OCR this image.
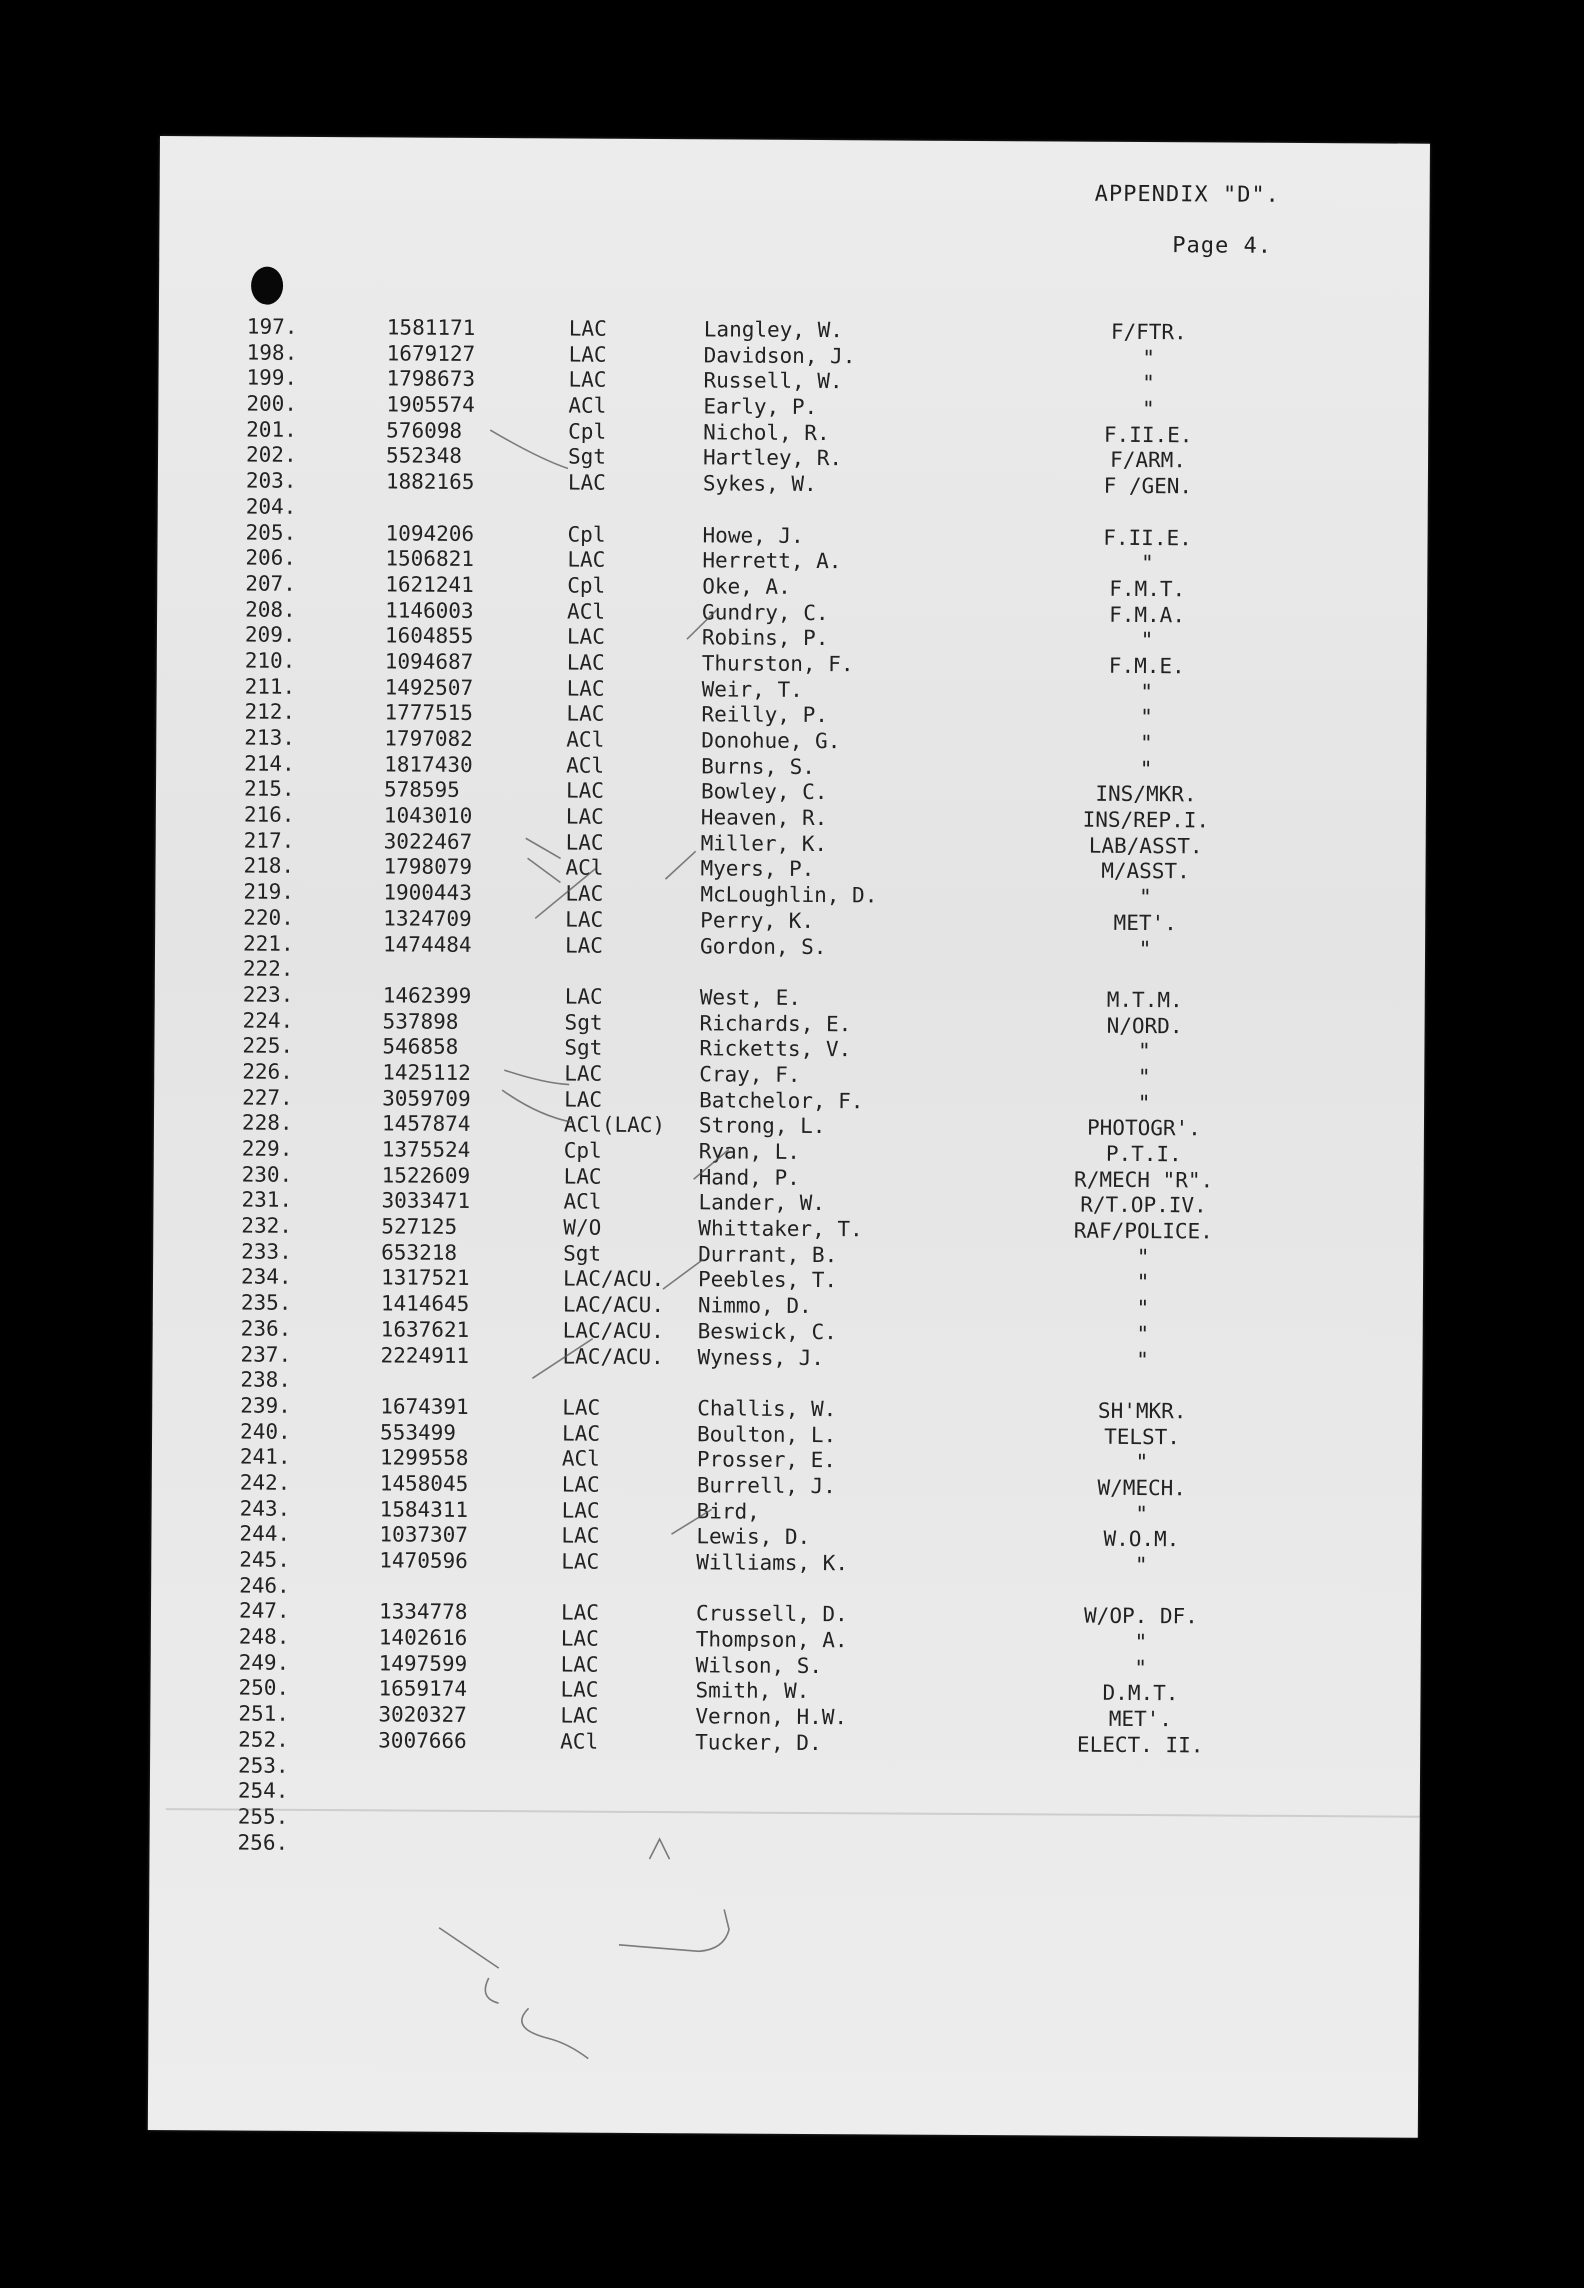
APPENDIX "D".
Page 4.
197.	1581171	LAC	Langley, W.	F/FTR.
198.	1679127	LAC	Davidson, J.	"
199.	1798673	LAC	Russell, W.	"
200.	1905574	ACl	Early, P.	"
201.	576098	Cpl	Nichol, R.	F.II.E.
202.	552348	Sgt	Hartley, R.	F/ARM.
203.	1882165	LAC	Sykes, W.	F /GEN.
204.
205.	1094206	Cpl	Howe, J.	F.II.E.
206.	1506821	LAC	Herrett, A.	"
207.	1621241	Cpl	Oke, A.	F.M.T.
208.	1146003	ACl	Gundry, C.	F.M.A.
209.	1604855	LAC	Robins, P.	"
210.	1094687	LAC	Thurston, F.	F.M.E.
211.	1492507	LAC	Weir, T.	"
212.	1777515	LAC	Reilly, P.	"
213.	1797082	ACl	Donohue, G.	"
214.	1817430	ACl	Burns, S.	"
215.	578595	LAC	Bowley, C.	INS/MKR.
216.	1043010	LAC	Heaven, R.	INS/REP.I.
217.	3022467	LAC	Miller, K.	LAB/ASST.
218.	1798079	ACl	Myers, P.	M/ASST.
219.	1900443	LAC	McLoughlin, D.	"
220.	1324709	LAC	Perry, K.	MET'.
221.	1474484	LAC	Gordon, S.	"
222.
223.	1462399	LAC	West, E.	M.T.M.
224.	537898	Sgt	Richards, E.	N/ORD.
225.	546858	Sgt	Ricketts, V.	"
226.	1425112	LAC	Cray, F.	"
227.	3059709	LAC	Batchelor, F.	"
228.	1457874	ACl(LAC) Strong, L.	PHOTOGR'.
229.	1375524	Cpl	Ryan, L.	P.T.I.
230.	1522609	LAC	Hand, P.	R/MECH "R".
231.	3033471	ACl	Lander, W.	R/T.OP.IV.
232.	527125	W/O	Whittaker, T.	RAF/POLICE.
233.	653218	Sgt	Durrant, B.	"
234.	1317521	LAC/ACU. Peebles, T.	"
235.	1414645	LAC/ACU. Nimmo, D.	"
236.	1637621	LAC/ACU. Beswick, C.	"
237.	2224911	LAC/ACU. Wyness, J.	"
238.
239.	1674391	LAC	Challis, W.	SH'MKR.
240.	553499	LAC	Boulton, L.	TELST.
241.	1299558	ACl	Prosser, E.	"
242.	1458045	LAC	Burrell, J.	W/MECH.
243.	1584311	LAC	Bird,	"
244.	1037307	LAC	Lewis, D.	W.O.M.
245.	1470596	LAC	Williams, K.	"
246.
247.	1334778	LAC	Crussell, D.	W/OP. DF.
248.	1402616	LAC	Thompson, A.	"
249.	1497599	LAC	Wilson, S.	"
250.	1659174	LAC	Smith, W.	D.M.T.
251.	3020327	LAC	Vernon, H.W.	MET'.
252.	3007666	ACl	Tucker, D.	ELECT. II.
253.
254.
255.
256.
